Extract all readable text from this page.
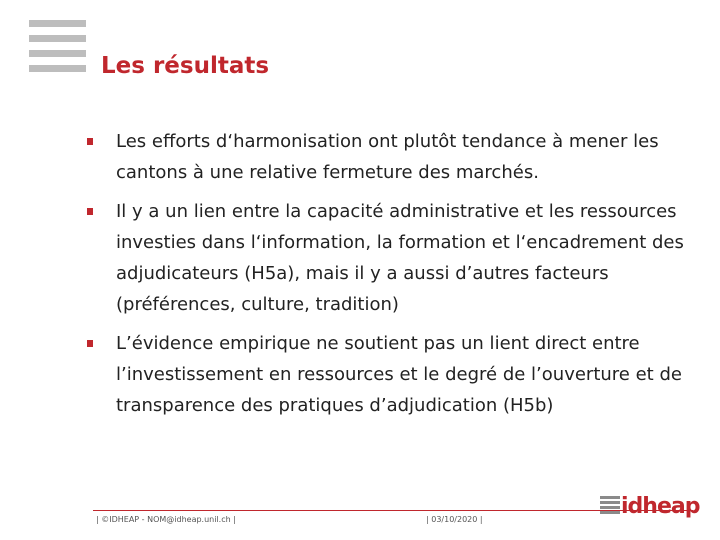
Les résultats
Les efforts d‘harmonisation ont plutôt tendance à mener les cantons à une relative fermeture des marchés.
Il y a un lien entre la capacité administrative et les ressources investies dans l‘information, la formation et l‘encadrement des adjudicateurs (H5a), mais il y a aussi d’autres facteurs (préférences, culture, tradition)
L’évidence empirique ne soutient pas un lient direct entre l’investissement en ressources et le degré de l’ouverture et de transparence des pratiques d’adjudication (H5b)
| ©IDHEAP - NOM@idheap.unil.ch |	| 03/10/2020 |
idheap
